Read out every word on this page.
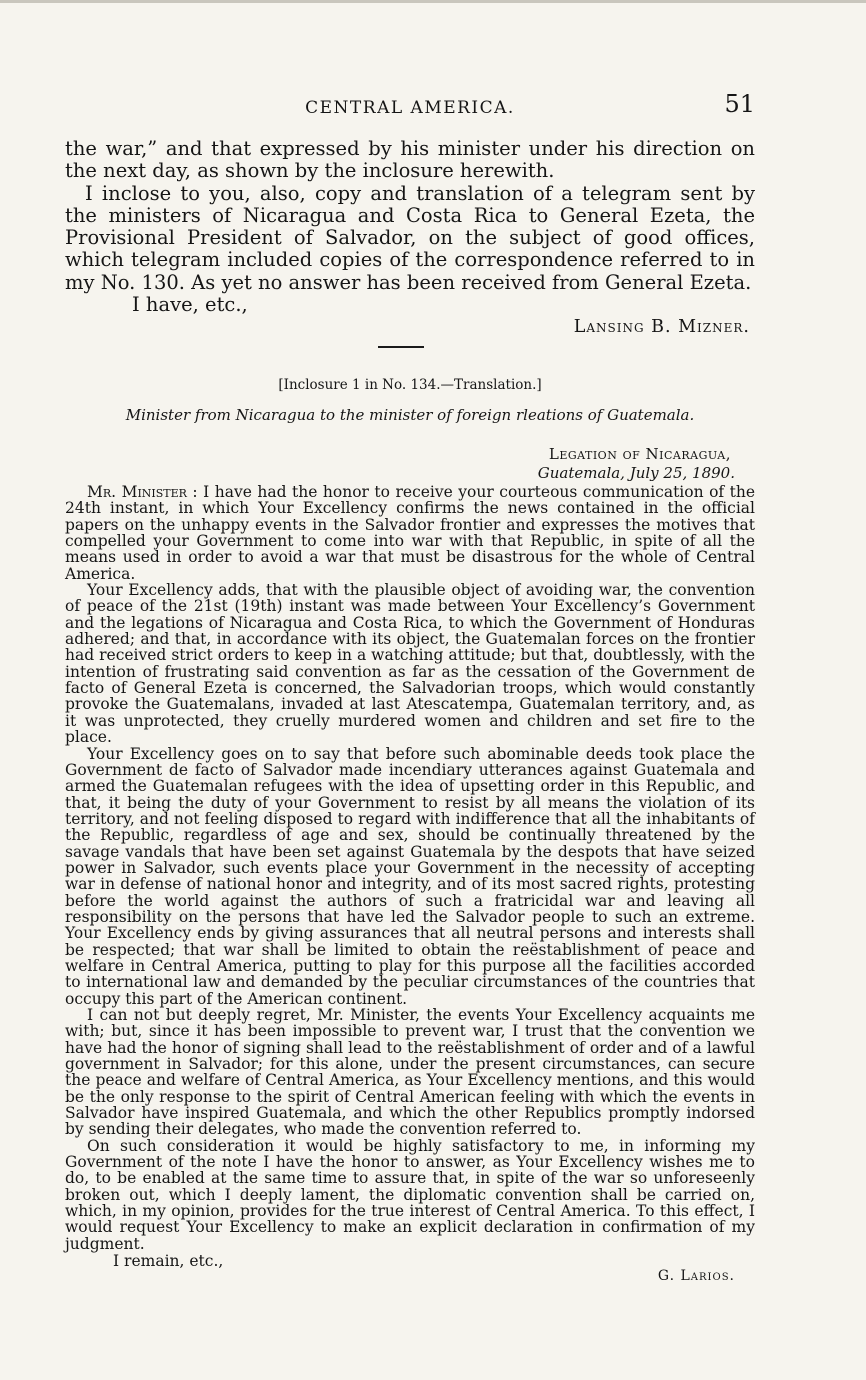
CENTRAL AMERICA.	51

the war,” and that expressed by his minister under his direction on the next day, as shown by the inclosure herewith.

I inclose to you, also, copy and translation of a telegram sent by the ministers of Nicaragua and Costa Rica to General Ezeta, the Provisional President of Salvador, on the subject of good offices, which telegram included copies of the correspondence referred to in my No. 130. As yet no answer has been received from General Ezeta.

I have, etc.,

Lansing B. Mizner.

[Inclosure 1 in No. 134.—Translation.]
Minister from Nicaragua to the minister of foreign rleations of Guatemala.

Legation of Nicaragua,

Guatemala, July 25, 1890.

Mr. Minister : I have had the honor to receive your courteous communication of the 24th instant, in which Your Excellency confirms the news contained in the official papers on the unhappy events in the Salvador frontier and expresses the motives that compelled your Government to come into war with that Republic, in spite of all the means used in order to avoid a war that must be disastrous for the whole of Central America.

Your Excellency adds, that with the plausible object of avoiding war, the convention of peace of the 21st (19th) instant was made between Your Excellency’s Government and the legations of Nicaragua and Costa Rica, to which the Government of Honduras adhered; and that, in accordance with its object, the Guatemalan forces on the frontier had received strict orders to keep in a watching attitude; but that, doubtlessly, with the intention of frustrating said convention as far as the cessation of the Government de facto of General Ezeta is concerned, the Salvadorian troops, which would constantly provoke the Guatemalans, invaded at last Atescatempa, Guatemalan territory, and, as it was unprotected, they cruelly murdered women and children and set fire to the place.

Your Excellency goes on to say that before such abominable deeds took place the Government de facto of Salvador made incendiary utterances against Guatemala and armed the Guatemalan refugees with the idea of upsetting order in this Republic, and that, it being the duty of your Government to resist by all means the violation of its territory, and not feeling disposed to regard with indifference that all the inhabitants of the Republic, regardless of age and sex, should be continually threatened by the savage vandals that have been set against Guatemala by the despots that have seized power in Salvador, such events place your Government in the necessity of accepting war in defense of national honor and integrity, and of its most sacred rights, protesting before the world against the authors of such a fratricidal war and leaving all responsibility on the persons that have led the Salvador people to such an extreme. Your Excellency ends by giving assurances that all neutral persons and interests shall be respected; that war shall be limited to obtain the reëstablishment of peace and welfare in Central America, putting to play for this purpose all the facilities accorded to international law and demanded by the peculiar circumstances of the countries that occupy this part of the American continent.

I can not but deeply regret, Mr. Minister, the events Your Excellency acquaints me with; but, since it has been impossible to prevent war, I trust that the convention we have had the honor of signing shall lead to the reëstablishment of order and of a lawful government in Salvador; for this alone, under the present circumstances, can secure the peace and welfare of Central America, as Your Excellency mentions, and this would be the only response to the spirit of Central American feeling with which the events in Salvador have inspired Guatemala, and which the other Republics promptly indorsed by sending their delegates, who made the convention referred to.

On such consideration it would be highly satisfactory to me, in informing my Government of the note I have the honor to answer, as Your Excellency wishes me to do, to be enabled at the same time to assure that, in spite of the war so unforeseenly broken out, which I deeply lament, the diplomatic convention shall be carried on, which, in my opinion, provides for the true interest of Central America. To this effect, I would request Your Excellency to make an explicit declaration in confirmation of my judgment.

I remain, etc.,

G. Larios.
